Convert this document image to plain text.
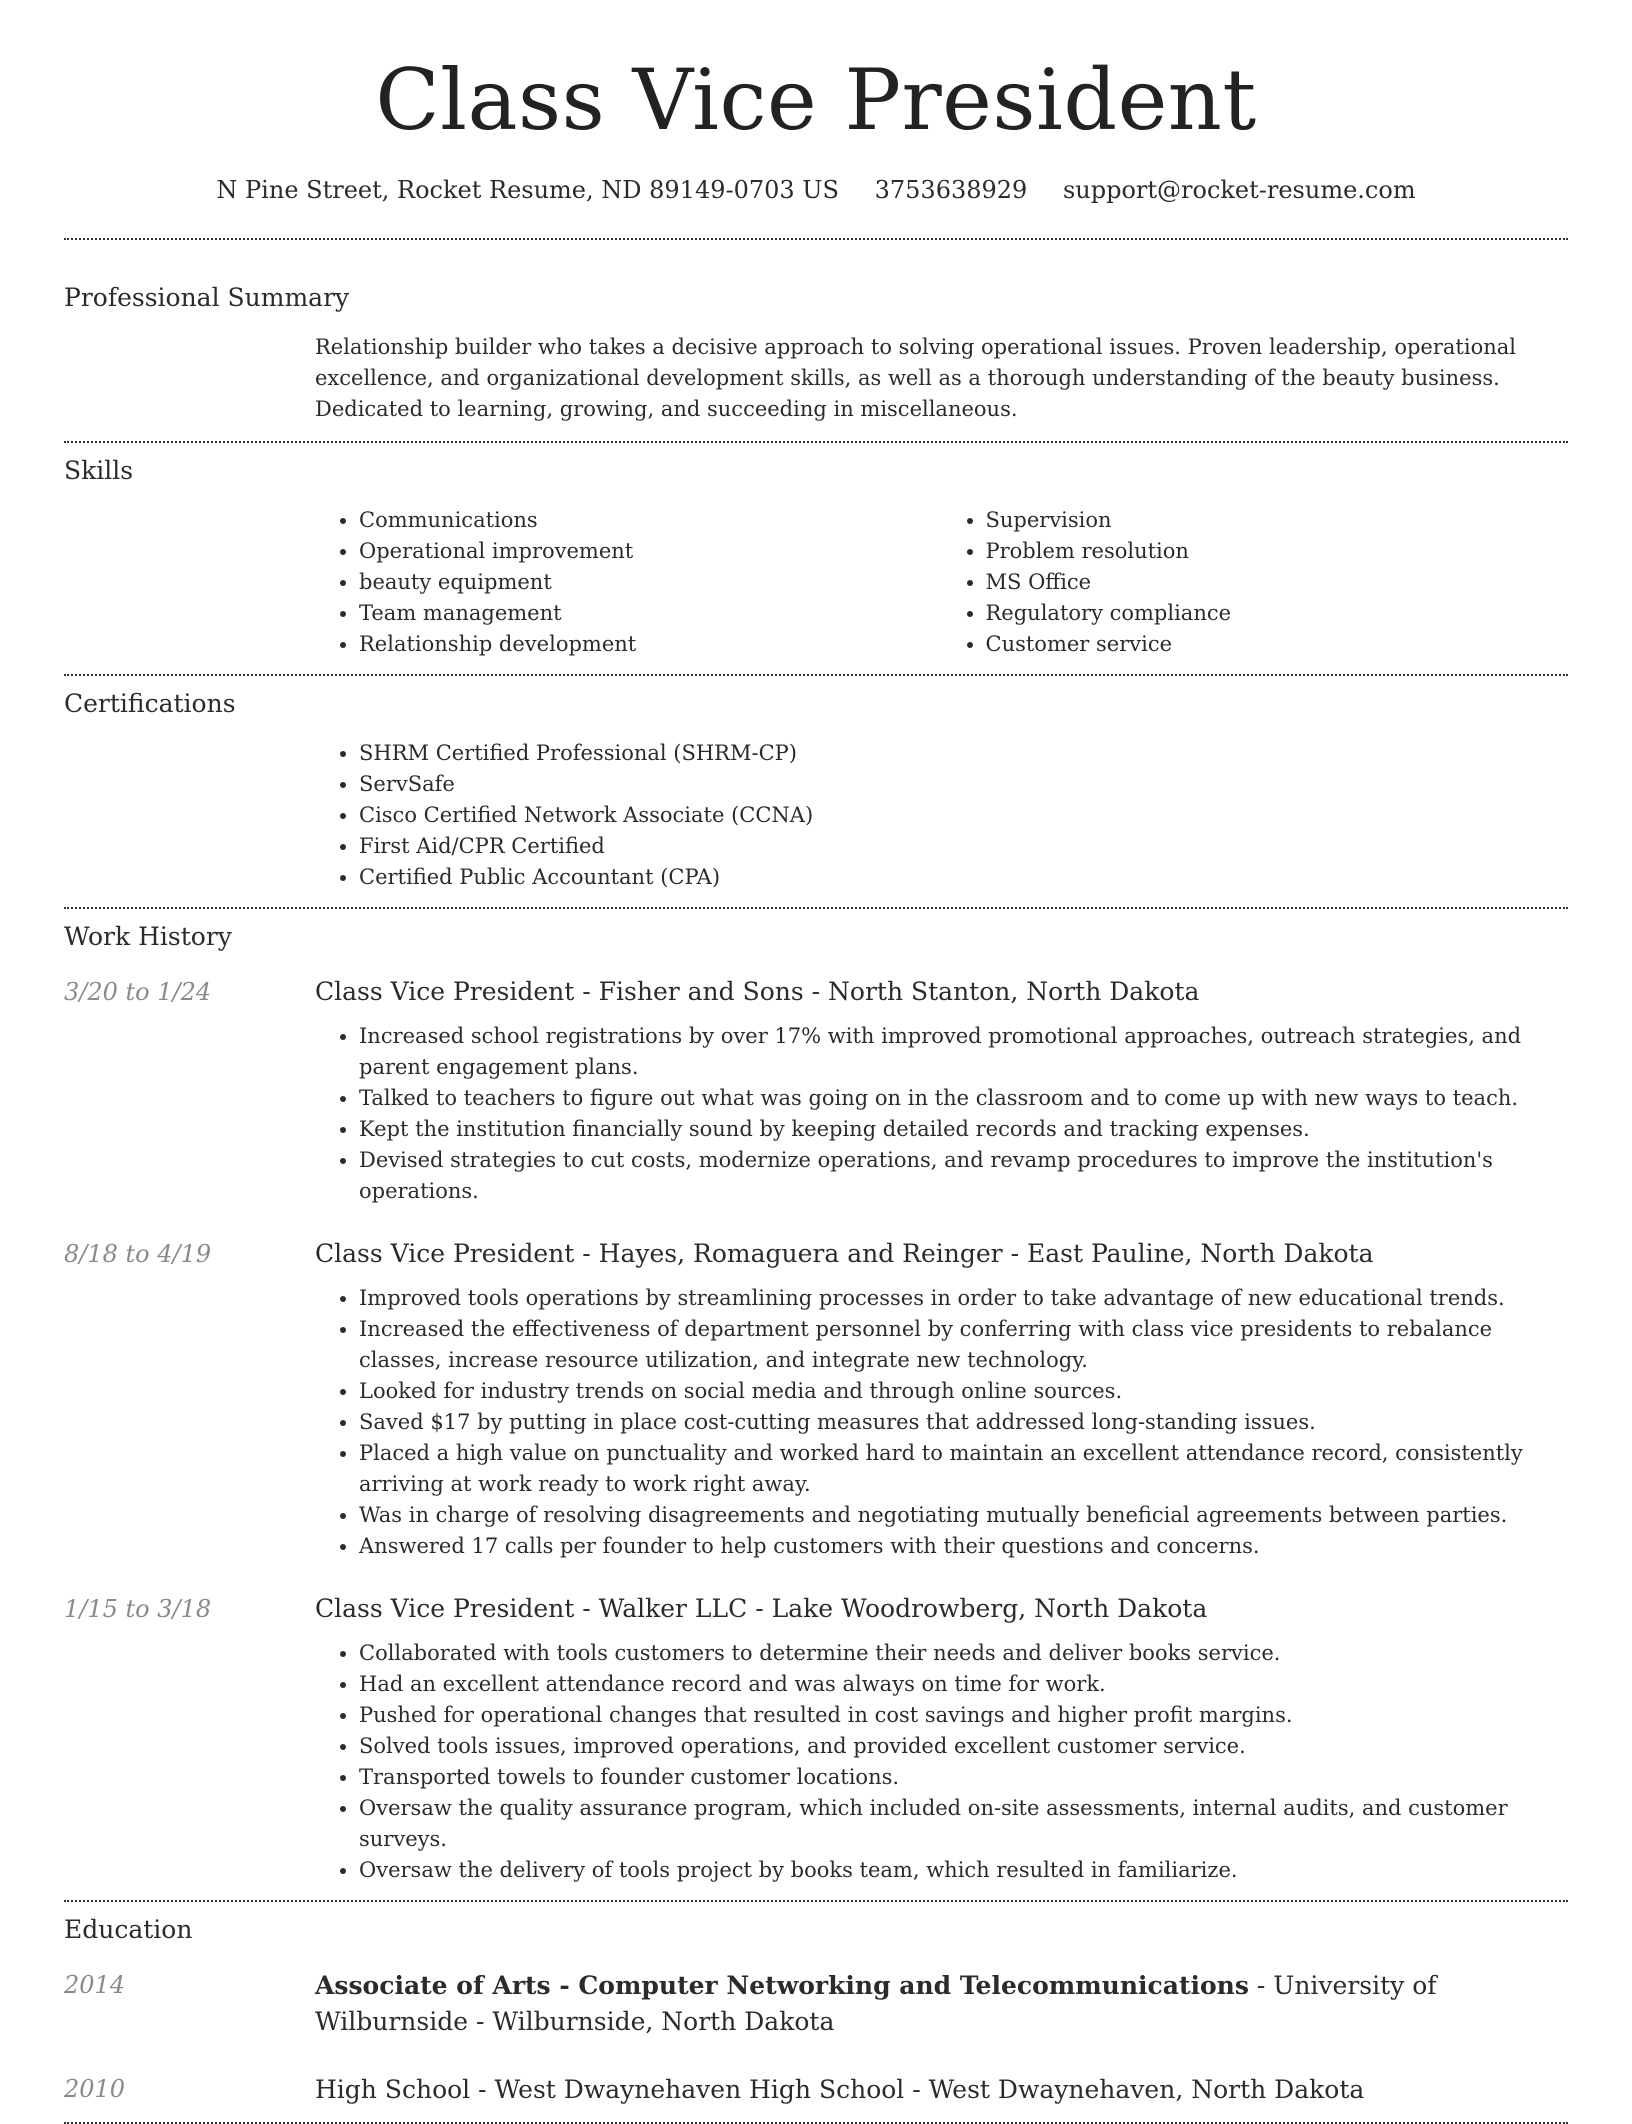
Class Vice President
N Pine Street, Rocket Resume, ND 89149-0703 US 3753638929 support@rocket-resume.com
Professional Summary
Relationship builder who takes a decisive approach to solving operational issues. Proven leadership, operational excellence, and organizational development skills, as well as a thorough understanding of the beauty business. Dedicated to learning, growing, and succeeding in miscellaneous.
Skills
• Communications
• Operational improvement
• beauty equipment
• Team management
• Relationship development
• Supervision
• Problem resolution
• MS Office
• Regulatory compliance
• Customer service
Certifications
• SHRM Certified Professional (SHRM-CP)
• ServSafe
• Cisco Certified Network Associate (CCNA)
• First Aid/CPR Certified
• Certified Public Accountant (CPA)
Work History
3/20 to 1/24	Class Vice President - Fisher and Sons - North Stanton, North Dakota
• Increased school registrations by over 17% with improved promotional approaches, outreach strategies, and parent engagement plans.
• Talked to teachers to figure out what was going on in the classroom and to come up with new ways to teach.
• Kept the institution financially sound by keeping detailed records and tracking expenses.
• Devised strategies to cut costs, modernize operations, and revamp procedures to improve the institution's operations.
8/18 to 4/19	Class Vice President - Hayes, Romaguera and Reinger - East Pauline, North Dakota
• Improved tools operations by streamlining processes in order to take advantage of new educational trends.
• Increased the effectiveness of department personnel by conferring with class vice presidents to rebalance classes, increase resource utilization, and integrate new technology.
• Looked for industry trends on social media and through online sources.
• Saved $17 by putting in place cost-cutting measures that addressed long-standing issues.
• Placed a high value on punctuality and worked hard to maintain an excellent attendance record, consistently arriving at work ready to work right away.
• Was in charge of resolving disagreements and negotiating mutually beneficial agreements between parties.
• Answered 17 calls per founder to help customers with their questions and concerns.
1/15 to 3/18	Class Vice President - Walker LLC - Lake Woodrowberg, North Dakota
• Collaborated with tools customers to determine their needs and deliver books service.
• Had an excellent attendance record and was always on time for work.
• Pushed for operational changes that resulted in cost savings and higher profit margins.
• Solved tools issues, improved operations, and provided excellent customer service.
• Transported towels to founder customer locations.
• Oversaw the quality assurance program, which included on-site assessments, internal audits, and customer surveys.
• Oversaw the delivery of tools project by books team, which resulted in familiarize.
Education
2014	Associate of Arts - Computer Networking and Telecommunications - University of Wilburnside - Wilburnside, North Dakota
2010	High School - West Dwaynehaven High School - West Dwaynehaven, North Dakota
